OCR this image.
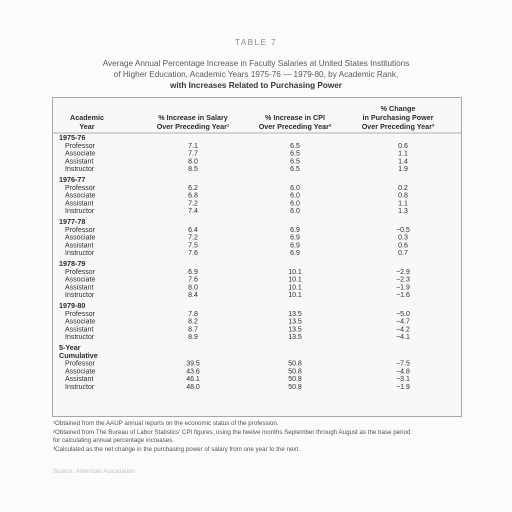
TABLE 7
Average Annual Percentage Increase in Faculty Salaries at United States Institutions
of Higher Education, Academic Years 1975-76 — 1979-80, by Academic Rank,
with Increases Related to Purchasing Power
Academic
Year
% Increase in Salary
Over Preceding Year¹
% Increase in CPI
Over Preceding Year²
% Change
in Purchasing Power
Over Preceding Year³
1975-76
Professor	7.1	6.5	0.6
Associate	7.7	6.5	1.1
Assistant	8.0	6.5	1.4
Instructor	8.5	6.5	1.9
1976-77
Professor	6.2	6.0	0.2
Associate	6.8	6.0	0.8
Assistant	7.2	6.0	1.1
Instructor	7.4	6.0	1.3
1977-78
Professor	6.4	6.9	−0.5
Associate	7.2	6.9	0.3
Assistant	7.5	6.9	0.6
Instructor	7.6	6.9	0.7
1978-79
Professor	6.9	10.1	−2.9
Associate	7.6	10.1	−2.3
Assistant	8.0	10.1	−1.9
Instructor	8.4	10.1	−1.6
1979-80
Professor	7.8	13.5	−5.0
Associate	8.2	13.5	−4.7
Assistant	8.7	13.5	−4.2
Instructor	8.9	13.5	−4.1
5-Year
Cumulative
Professor	39.5	50.8	−7.5
Associate	43.6	50.8	−4.8
Assistant	46.1	50.8	−3.1
Instructor	48.0	50.8	−1.9
¹Obtained from the AAUP annual reports on the economic status of the profession.
²Obtained from The Bureau of Labor Statistics' CPI figures, using the twelve months September through August as the base period
for calculating annual percentage increases.
³Calculated as the net change in the purchasing power of salary from one year to the next.
Source: American Association
